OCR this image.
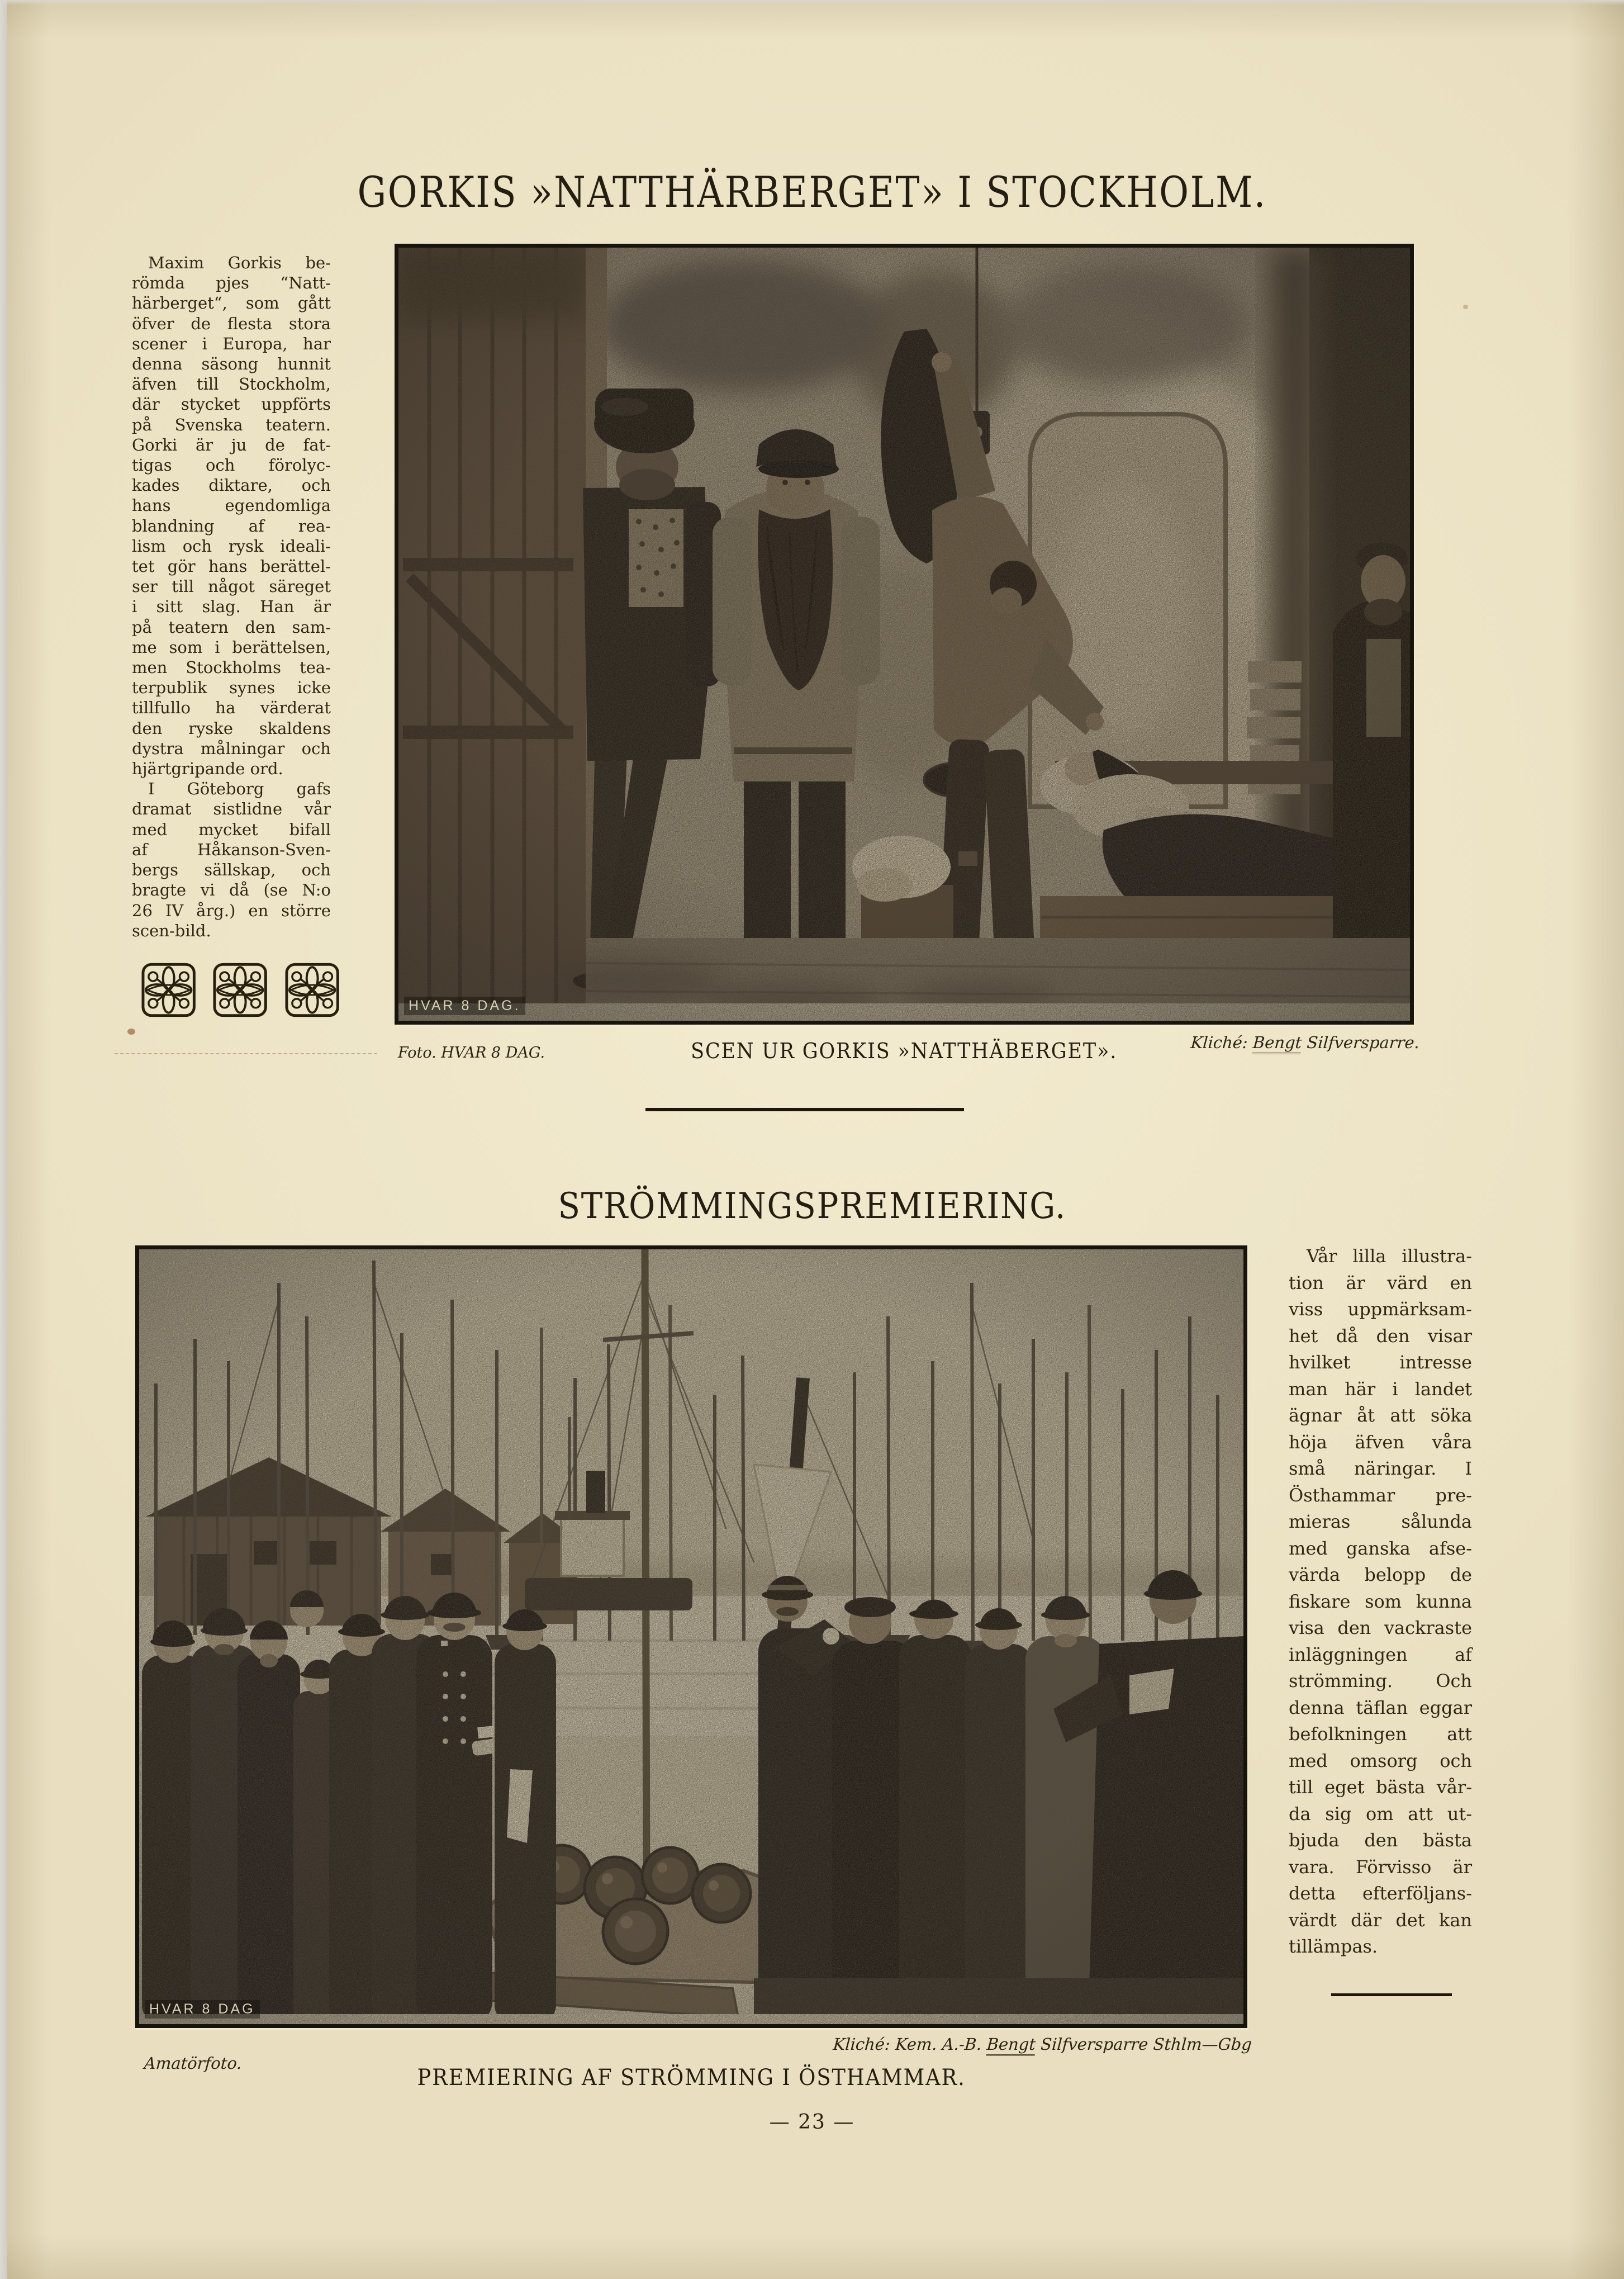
GORKIS »NATTHÄRBERGET» I STOCKHOLM.
 Maxim Gorkis be-
römda pjes “Natt-
härberget“, som gått
öfver de flesta stora
scener i Europa, har
denna säsong hunnit
äfven till Stockholm,
där stycket uppförts
på Svenska teatern.
Gorki är ju de fat-
tigas och förolyc-
kades diktare, och
hans egendomliga
blandning af rea-
lism och rysk ideali-
tet gör hans berättel-
ser till något säreget
i sitt slag. Han är
på teatern den sam-
me som i berättelsen,
men Stockholms tea-
terpublik synes icke
tillfullo ha värderat
den ryske skaldens
dystra målningar och
hjärtgripande ord.
 I Göteborg gafs
dramat sistlidne vår
med mycket bifall
af Håkanson-Sven-
bergs sällskap, och
bragte vi då (se N:o
26 IV årg.) en större
scen-bild.
HVAR 8 DAG.
Foto. HVAR 8 DAG.	SCEN UR GORKIS »NATTHÄBERGET».	Kliché: Bengt Silfversparre.
STRÖMMINGSPREMIERING.
HVAR 8 DAG
 Vår lilla illustra-
tion är värd en
viss uppmärksam-
het då den visar
hvilket intresse
man här i landet
ägnar åt att söka
höja äfven våra
små näringar. I
Östhammar pre-
mieras sålunda
med ganska afse-
värda belopp de
fiskare som kunna
visa den vackraste
inläggningen af
strömming. Och
denna täflan eggar
befolkningen att
med omsorg och
till eget bästa vår-
da sig om att ut-
bjuda den bästa
vara. Förvisso är
detta efterföljans-
värdt där det kan
tillämpas.
Amatörfoto.
Kliché: Kem. A.-B. Bengt Silfversparre Sthlm—Gbg
PREMIERING AF STRÖMMING I ÖSTHAMMAR.
— 23 —
